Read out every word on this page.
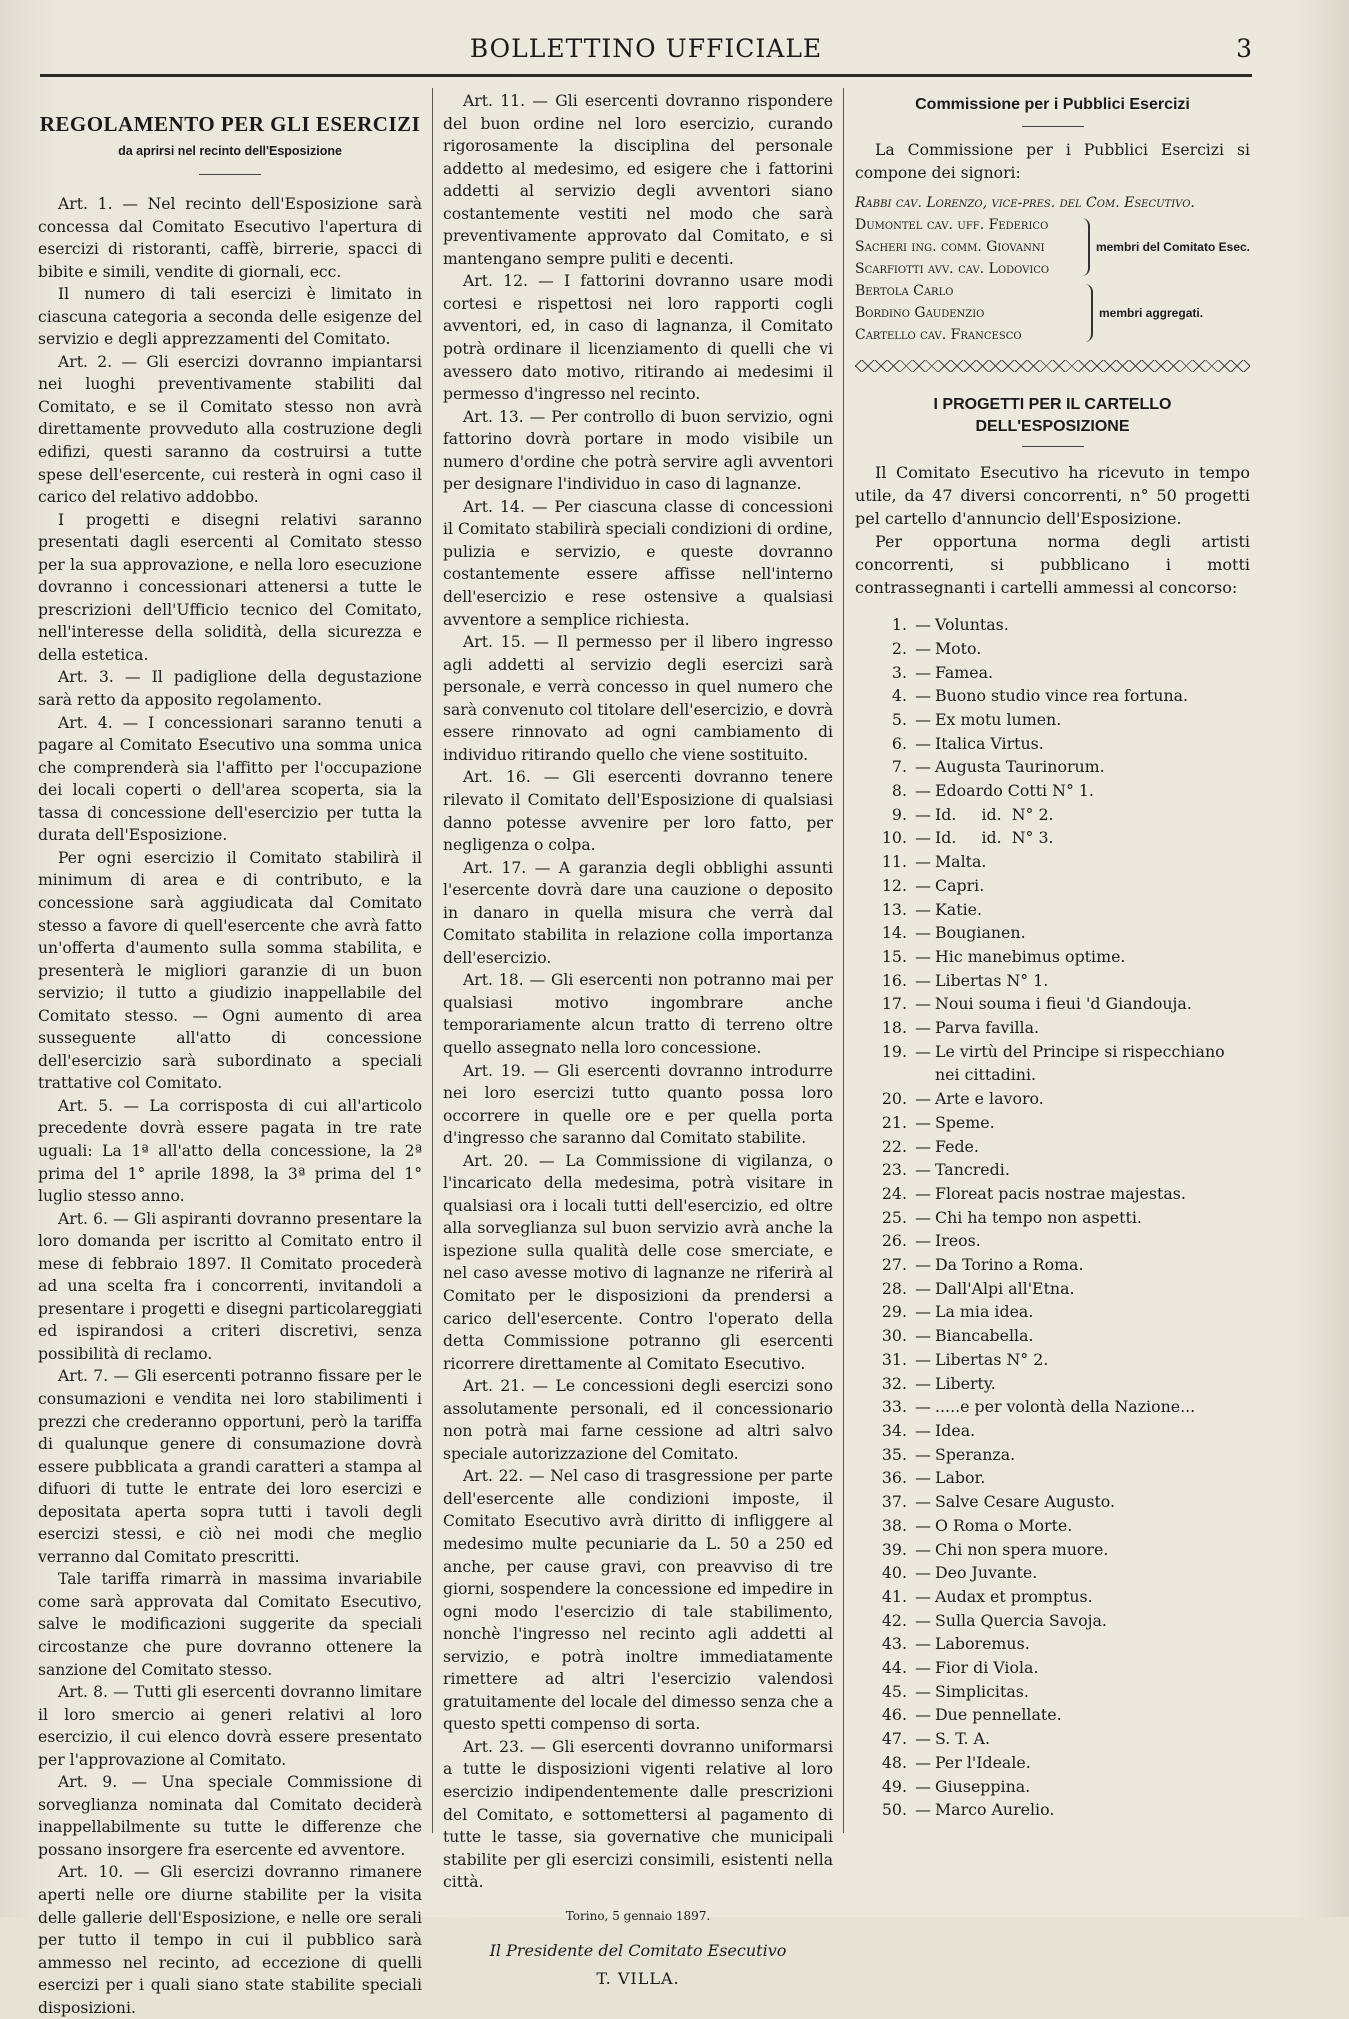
BOLLETTINO UFFICIALE	3
REGOLAMENTO PER GLI ESERCIZI
da aprirsi nel recinto dell'Esposizione

Art. 1. — Nel recinto dell'Esposizione sarà concessa dal Comitato Esecutivo l'apertura di esercizi di ristoranti, caffè, birrerie, spacci di bibite e simili, vendite di giornali, ecc.

Il numero di tali esercizi è limitato in ciascuna categoria a seconda delle esigenze del servizio e degli apprezzamenti del Comitato.

Art. 2. — Gli esercizi dovranno impiantarsi nei luoghi preventivamente stabiliti dal Comitato, e se il Comitato stesso non avrà direttamente provveduto alla costruzione degli edifizi, questi saranno da costruirsi a tutte spese dell'esercente, cui resterà in ogni caso il carico del relativo addobbo.

I progetti e disegni relativi saranno presentati dagli esercenti al Comitato stesso per la sua approvazione, e nella loro esecuzione dovranno i concessionari attenersi a tutte le prescrizioni dell'Ufficio tecnico del Comitato, nell'interesse della solidità, della sicurezza e della estetica.

Art. 3. — Il padiglione della degustazione sarà retto da apposito regolamento.

Art. 4. — I concessionari saranno tenuti a pagare al Comitato Esecutivo una somma unica che comprenderà sia l'affitto per l'occupazione dei locali coperti o dell'area scoperta, sia la tassa di concessione dell'esercizio per tutta la durata dell'Esposizione.

Per ogni esercizio il Comitato stabilirà il minimum di area e di contributo, e la concessione sarà aggiudicata dal Comitato stesso a favore di quell'esercente che avrà fatto un'offerta d'aumento sulla somma stabilita, e presenterà le migliori garanzie di un buon servizio; il tutto a giudizio inappellabile del Comitato stesso. — Ogni aumento di area susseguente all'atto di concessione dell'esercizio sarà subordinato a speciali trattative col Comitato.

Art. 5. — La corrisposta di cui all'articolo precedente dovrà essere pagata in tre rate uguali: La 1ª all'atto della concessione, la 2ª prima del 1° aprile 1898, la 3ª prima del 1° luglio stesso anno.

Art. 6. — Gli aspiranti dovranno presentare la loro domanda per iscritto al Comitato entro il mese di febbraio 1897. Il Comitato procederà ad una scelta fra i concorrenti, invitandoli a presentare i progetti e disegni particolareggiati ed ispirandosi a criteri discretivi, senza possibilità di reclamo.

Art. 7. — Gli esercenti potranno fissare per le consumazioni e vendita nei loro stabilimenti i prezzi che crederanno opportuni, però la tariffa di qualunque genere di consumazione dovrà essere pubblicata a grandi caratteri a stampa al difuori di tutte le entrate dei loro esercizi e depositata aperta sopra tutti i tavoli degli esercizi stessi, e ciò nei modi che meglio verranno dal Comitato prescritti.

Tale tariffa rimarrà in massima invariabile come sarà approvata dal Comitato Esecutivo, salve le modificazioni suggerite da speciali circostanze che pure dovranno ottenere la sanzione del Comitato stesso.

Art. 8. — Tutti gli esercenti dovranno limitare il loro smercio ai generi relativi al loro esercizio, il cui elenco dovrà essere presentato per l'approvazione al Comitato.

Art. 9. — Una speciale Commissione di sorveglianza nominata dal Comitato deciderà inappellabilmente su tutte le differenze che possano insorgere fra esercente ed avventore.

Art. 10. — Gli esercizi dovranno rimanere aperti nelle ore diurne stabilite per la visita delle gallerie dell'Esposizione, e nelle ore serali per tutto il tempo in cui il pubblico sarà ammesso nel recinto, ad eccezione di quelli esercizi per i quali siano state stabilite speciali disposizioni.

Art. 11. — Gli esercenti dovranno rispondere del buon ordine nel loro esercizio, curando rigorosamente la disciplina del personale addetto al medesimo, ed esigere che i fattorini addetti al servizio degli avventori siano costantemente vestiti nel modo che sarà preventivamente approvato dal Comitato, e si mantengano sempre puliti e decenti.

Art. 12. — I fattorini dovranno usare modi cortesi e rispettosi nei loro rapporti cogli avventori, ed, in caso di lagnanza, il Comitato potrà ordinare il licenziamento di quelli che vi avessero dato motivo, ritirando ai medesimi il permesso d'ingresso nel recinto.

Art. 13. — Per controllo di buon servizio, ogni fattorino dovrà portare in modo visibile un numero d'ordine che potrà servire agli avventori per designare l'individuo in caso di lagnanze.

Art. 14. — Per ciascuna classe di concessioni il Comitato stabilirà speciali condizioni di ordine, pulizia e servizio, e queste dovranno costantemente essere affisse nell'interno dell'esercizio e rese ostensive a qualsiasi avventore a semplice richiesta.

Art. 15. — Il permesso per il libero ingresso agli addetti al servizio degli esercizi sarà personale, e verrà concesso in quel numero che sarà convenuto col titolare dell'esercizio, e dovrà essere rinnovato ad ogni cambiamento di individuo ritirando quello che viene sostituito.

Art. 16. — Gli esercenti dovranno tenere rilevato il Comitato dell'Esposizione di qualsiasi danno potesse avvenire per loro fatto, per negligenza o colpa.

Art. 17. — A garanzia degli obblighi assunti l'esercente dovrà dare una cauzione o deposito in danaro in quella misura che verrà dal Comitato stabilita in relazione colla importanza dell'esercizio.

Art. 18. — Gli esercenti non potranno mai per qualsiasi motivo ingombrare anche temporariamente alcun tratto di terreno oltre quello assegnato nella loro concessione.

Art. 19. — Gli esercenti dovranno introdurre nei loro esercizi tutto quanto possa loro occorrere in quelle ore e per quella porta d'ingresso che saranno dal Comitato stabilite.

Art. 20. — La Commissione di vigilanza, o l'incaricato della medesima, potrà visitare in qualsiasi ora i locali tutti dell'esercizio, ed oltre alla sorveglianza sul buon servizio avrà anche la ispezione sulla qualità delle cose smerciate, e nel caso avesse motivo di lagnanze ne riferirà al Comitato per le disposizioni da prendersi a carico dell'esercente. Contro l'operato della detta Commissione potranno gli esercenti ricorrere direttamente al Comitato Esecutivo.

Art. 21. — Le concessioni degli esercizi sono assolutamente personali, ed il concessionario non potrà mai farne cessione ad altri salvo speciale autorizzazione del Comitato.

Art. 22. — Nel caso di trasgressione per parte dell'esercente alle condizioni imposte, il Comitato Esecutivo avrà diritto di infliggere al medesimo multe pecuniarie da L. 50 a 250 ed anche, per cause gravi, con preavviso di tre giorni, sospendere la concessione ed impedire in ogni modo l'esercizio di tale stabilimento, nonchè l'ingresso nel recinto agli addetti al servizio, e potrà inoltre immediatamente rimettere ad altri l'esercizio valendosi gratuitamente del locale del dimesso senza che a questo spetti compenso di sorta.

Art. 23. — Gli esercenti dovranno uniformarsi a tutte le disposizioni vigenti relative al loro esercizio indipendentemente dalle prescrizioni del Comitato, e sottomettersi al pagamento di tutte le tasse, sia governative che municipali stabilite per gli esercizi consimili, esistenti nella città.

Torino, 5 gennaio 1897.

Il Presidente del Comitato Esecutivo

T. VILLA.

Commissione per i Pubblici Esercizi

La Commissione per i Pubblici Esercizi si compone dei signori:

Rabbi cav. Lorenzo, vice-pres. del Com. Esecutivo.
Dumontel cav. uff. Federico
Sacheri ing. comm. Giovanni
Scarfiotti avv. cav. Lodovico
membri del Comitato Esec.
Bertola Carlo
Bordino Gaudenzio
Cartello cav. Francesco
membri aggregati.
I PROGETTI PER IL CARTELLO DELL'ESPOSIZIONE

Il Comitato Esecutivo ha ricevuto in tempo utile, da 47 diversi concorrenti, n° 50 progetti pel cartello d'annuncio dell'Esposizione.

Per opportuna norma degli artisti concorrenti, si pubblicano i motti contrassegnanti i cartelli ammessi al concorso:

1. — Voluntas.
2. — Moto.
3. — Famea.
4. — Buono studio vince rea fortuna.
5. — Ex motu lumen.
6. — Italica Virtus.
7. — Augusta Taurinorum.
8. — Edoardo Cotti N° 1.
9. — Id.     id.  N° 2.
10. — Id.     id.  N° 3.
11. — Malta.
12. — Capri.
13. — Katie.
14. — Bougianen.
15. — Hic manebimus optime.
16. — Libertas N° 1.
17. — Noui souma i fieui 'd Giandouja.
18. — Parva favilla.
19. — Le virtù del Principe si rispecchiano nei cittadini.
20. — Arte e lavoro.
21. — Speme.
22. — Fede.
23. — Tancredi.
24. — Floreat pacis nostrae majestas.
25. — Chi ha tempo non aspetti.
26. — Ireos.
27. — Da Torino a Roma.
28. — Dall'Alpi all'Etna.
29. — La mia idea.
30. — Biancabella.
31. — Libertas N° 2.
32. — Liberty.
33. — .....e per volontà della Nazione...
34. — Idea.
35. — Speranza.
36. — Labor.
37. — Salve Cesare Augusto.
38. — O Roma o Morte.
39. — Chi non spera muore.
40. — Deo Juvante.
41. — Audax et promptus.
42. — Sulla Quercia Savoja.
43. — Laboremus.
44. — Fior di Viola.
45. — Simplicitas.
46. — Due pennellate.
47. — S. T. A.
48. — Per l'Ideale.
49. — Giuseppina.
50. — Marco Aurelio.
